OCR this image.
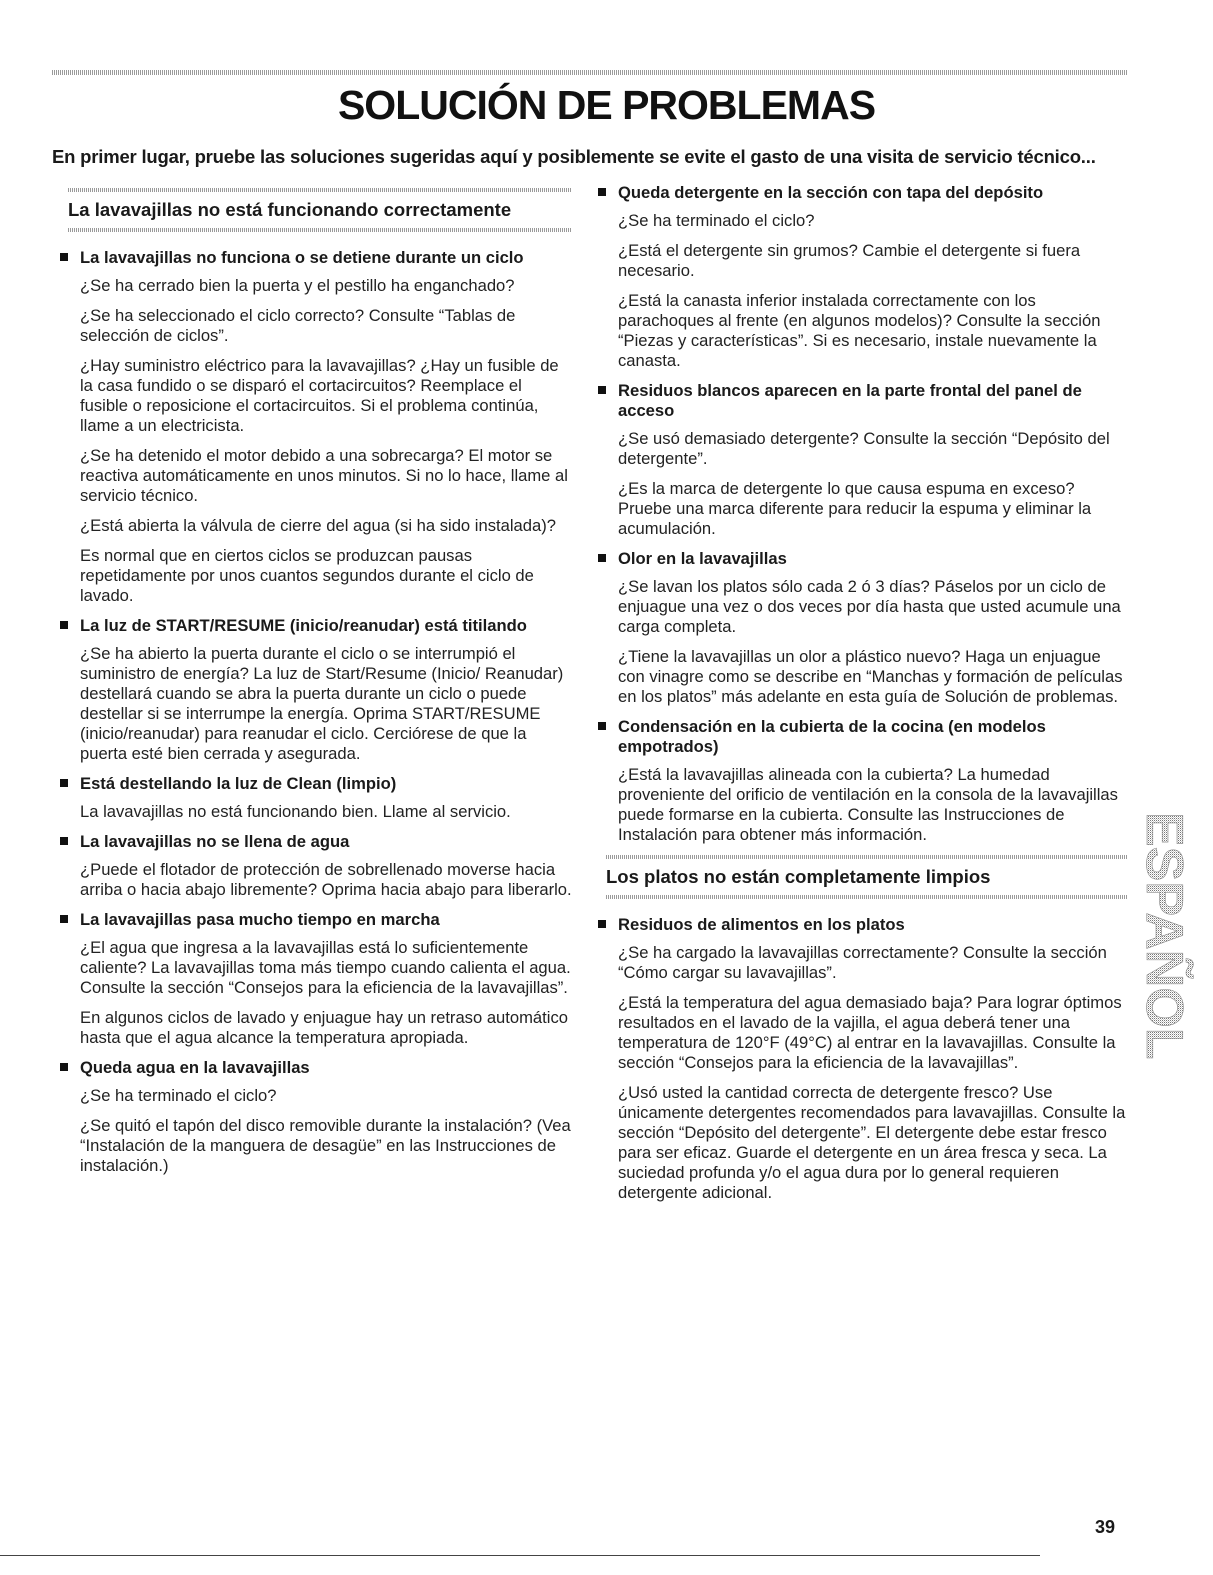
SOLUCIÓN DE PROBLEMAS

En primer lugar, pruebe las soluciones sugeridas aquí y posiblemente se evite el gasto de una visita de servicio técnico...

La lavavajillas no está funcionando correctamente
La lavavajillas no funciona o se detiene durante un ciclo

¿Se ha cerrado bien la puerta y el pestillo ha enganchado?

¿Se ha seleccionado el ciclo correcto? Consulte “Tablas de selección de ciclos”.

¿Hay suministro eléctrico para la lavavajillas? ¿Hay un fusible de la casa fundido o se disparó el cortacircuitos? Reemplace el fusible o reposicione el cortacircuitos. Si el problema continúa, llame a un electricista.

¿Se ha detenido el motor debido a una sobrecarga? El motor se reactiva automáticamente en unos minutos. Si no lo hace, llame al servicio técnico.

¿Está abierta la válvula de cierre del agua (si ha sido instalada)?

Es normal que en ciertos ciclos se produzcan pausas repetidamente por unos cuantos segundos durante el ciclo de lavado.

La luz de START/RESUME (inicio/reanudar) está titilando

¿Se ha abierto la puerta durante el ciclo o se interrumpió el suministro de energía? La luz de Start/Resume (Inicio/ Reanudar) destellará cuando se abra la puerta durante un ciclo o puede destellar si se interrumpe la energía. Oprima START/RESUME (inicio/reanudar) para reanudar el ciclo. Cerciórese de que la puerta esté bien cerrada y asegurada.

Está destellando la luz de Clean (limpio)

La lavavajillas no está funcionando bien. Llame al servicio.

La lavavajillas no se llena de agua

¿Puede el flotador de protección de sobrellenado moverse hacia arriba o hacia abajo libremente? Oprima hacia abajo para liberarlo.

La lavavajillas pasa mucho tiempo en marcha

¿El agua que ingresa a la lavavajillas está lo suficientemente caliente? La lavavajillas toma más tiempo cuando calienta el agua. Consulte la sección “Consejos para la eficiencia de la lavavajillas”.

En algunos ciclos de lavado y enjuague hay un retraso automático hasta que el agua alcance la temperatura apropiada.

Queda agua en la lavavajillas

¿Se ha terminado el ciclo?

¿Se quitó el tapón del disco removible durante la instalación? (Vea “Instalación de la manguera de desagüe” en las Instrucciones de instalación.)

Queda detergente en la sección con tapa del depósito

¿Se ha terminado el ciclo?

¿Está el detergente sin grumos? Cambie el detergente si fuera necesario.

¿Está la canasta inferior instalada correctamente con los parachoques al frente (en algunos modelos)? Consulte la sección “Piezas y características”. Si es necesario, instale nuevamente la canasta.

Residuos blancos aparecen en la parte frontal del panel de acceso

¿Se usó demasiado detergente? Consulte la sección “Depósito del detergente”.

¿Es la marca de detergente lo que causa espuma en exceso? Pruebe una marca diferente para reducir la espuma y eliminar la acumulación.

Olor en la lavavajillas

¿Se lavan los platos sólo cada 2 ó 3 días? Páselos por un ciclo de enjuague una vez o dos veces por día hasta que usted acumule una carga completa.

¿Tiene la lavavajillas un olor a plástico nuevo? Haga un enjuague con vinagre como se describe en “Manchas y formación de películas en los platos” más adelante en esta guía de Solución de problemas.

Condensación en la cubierta de la cocina (en modelos empotrados)

¿Está la lavavajillas alineada con la cubierta? La humedad proveniente del orificio de ventilación en la consola de la lavavajillas puede formarse en la cubierta. Consulte las Instrucciones de Instalación para obtener más información.

Los platos no están completamente limpios
Residuos de alimentos en los platos

¿Se ha cargado la lavavajillas correctamente? Consulte la sección “Cómo cargar su lavavajillas”.

¿Está la temperatura del agua demasiado baja? Para lograr óptimos resultados en el lavado de la vajilla, el agua deberá tener una temperatura de 120°F (49°C) al entrar en la lavavajillas. Consulte la sección “Consejos para la eficiencia de la lavavajillas”.

¿Usó usted la cantidad correcta de detergente fresco? Use únicamente detergentes recomendados para lavavajillas. Consulte la sección “Depósito del detergente”. El detergente debe estar fresco para ser eficaz. Guarde el detergente en un área fresca y seca. La suciedad profunda y/o el agua dura por lo general requieren detergente adicional.

ESPAÑOL
39
